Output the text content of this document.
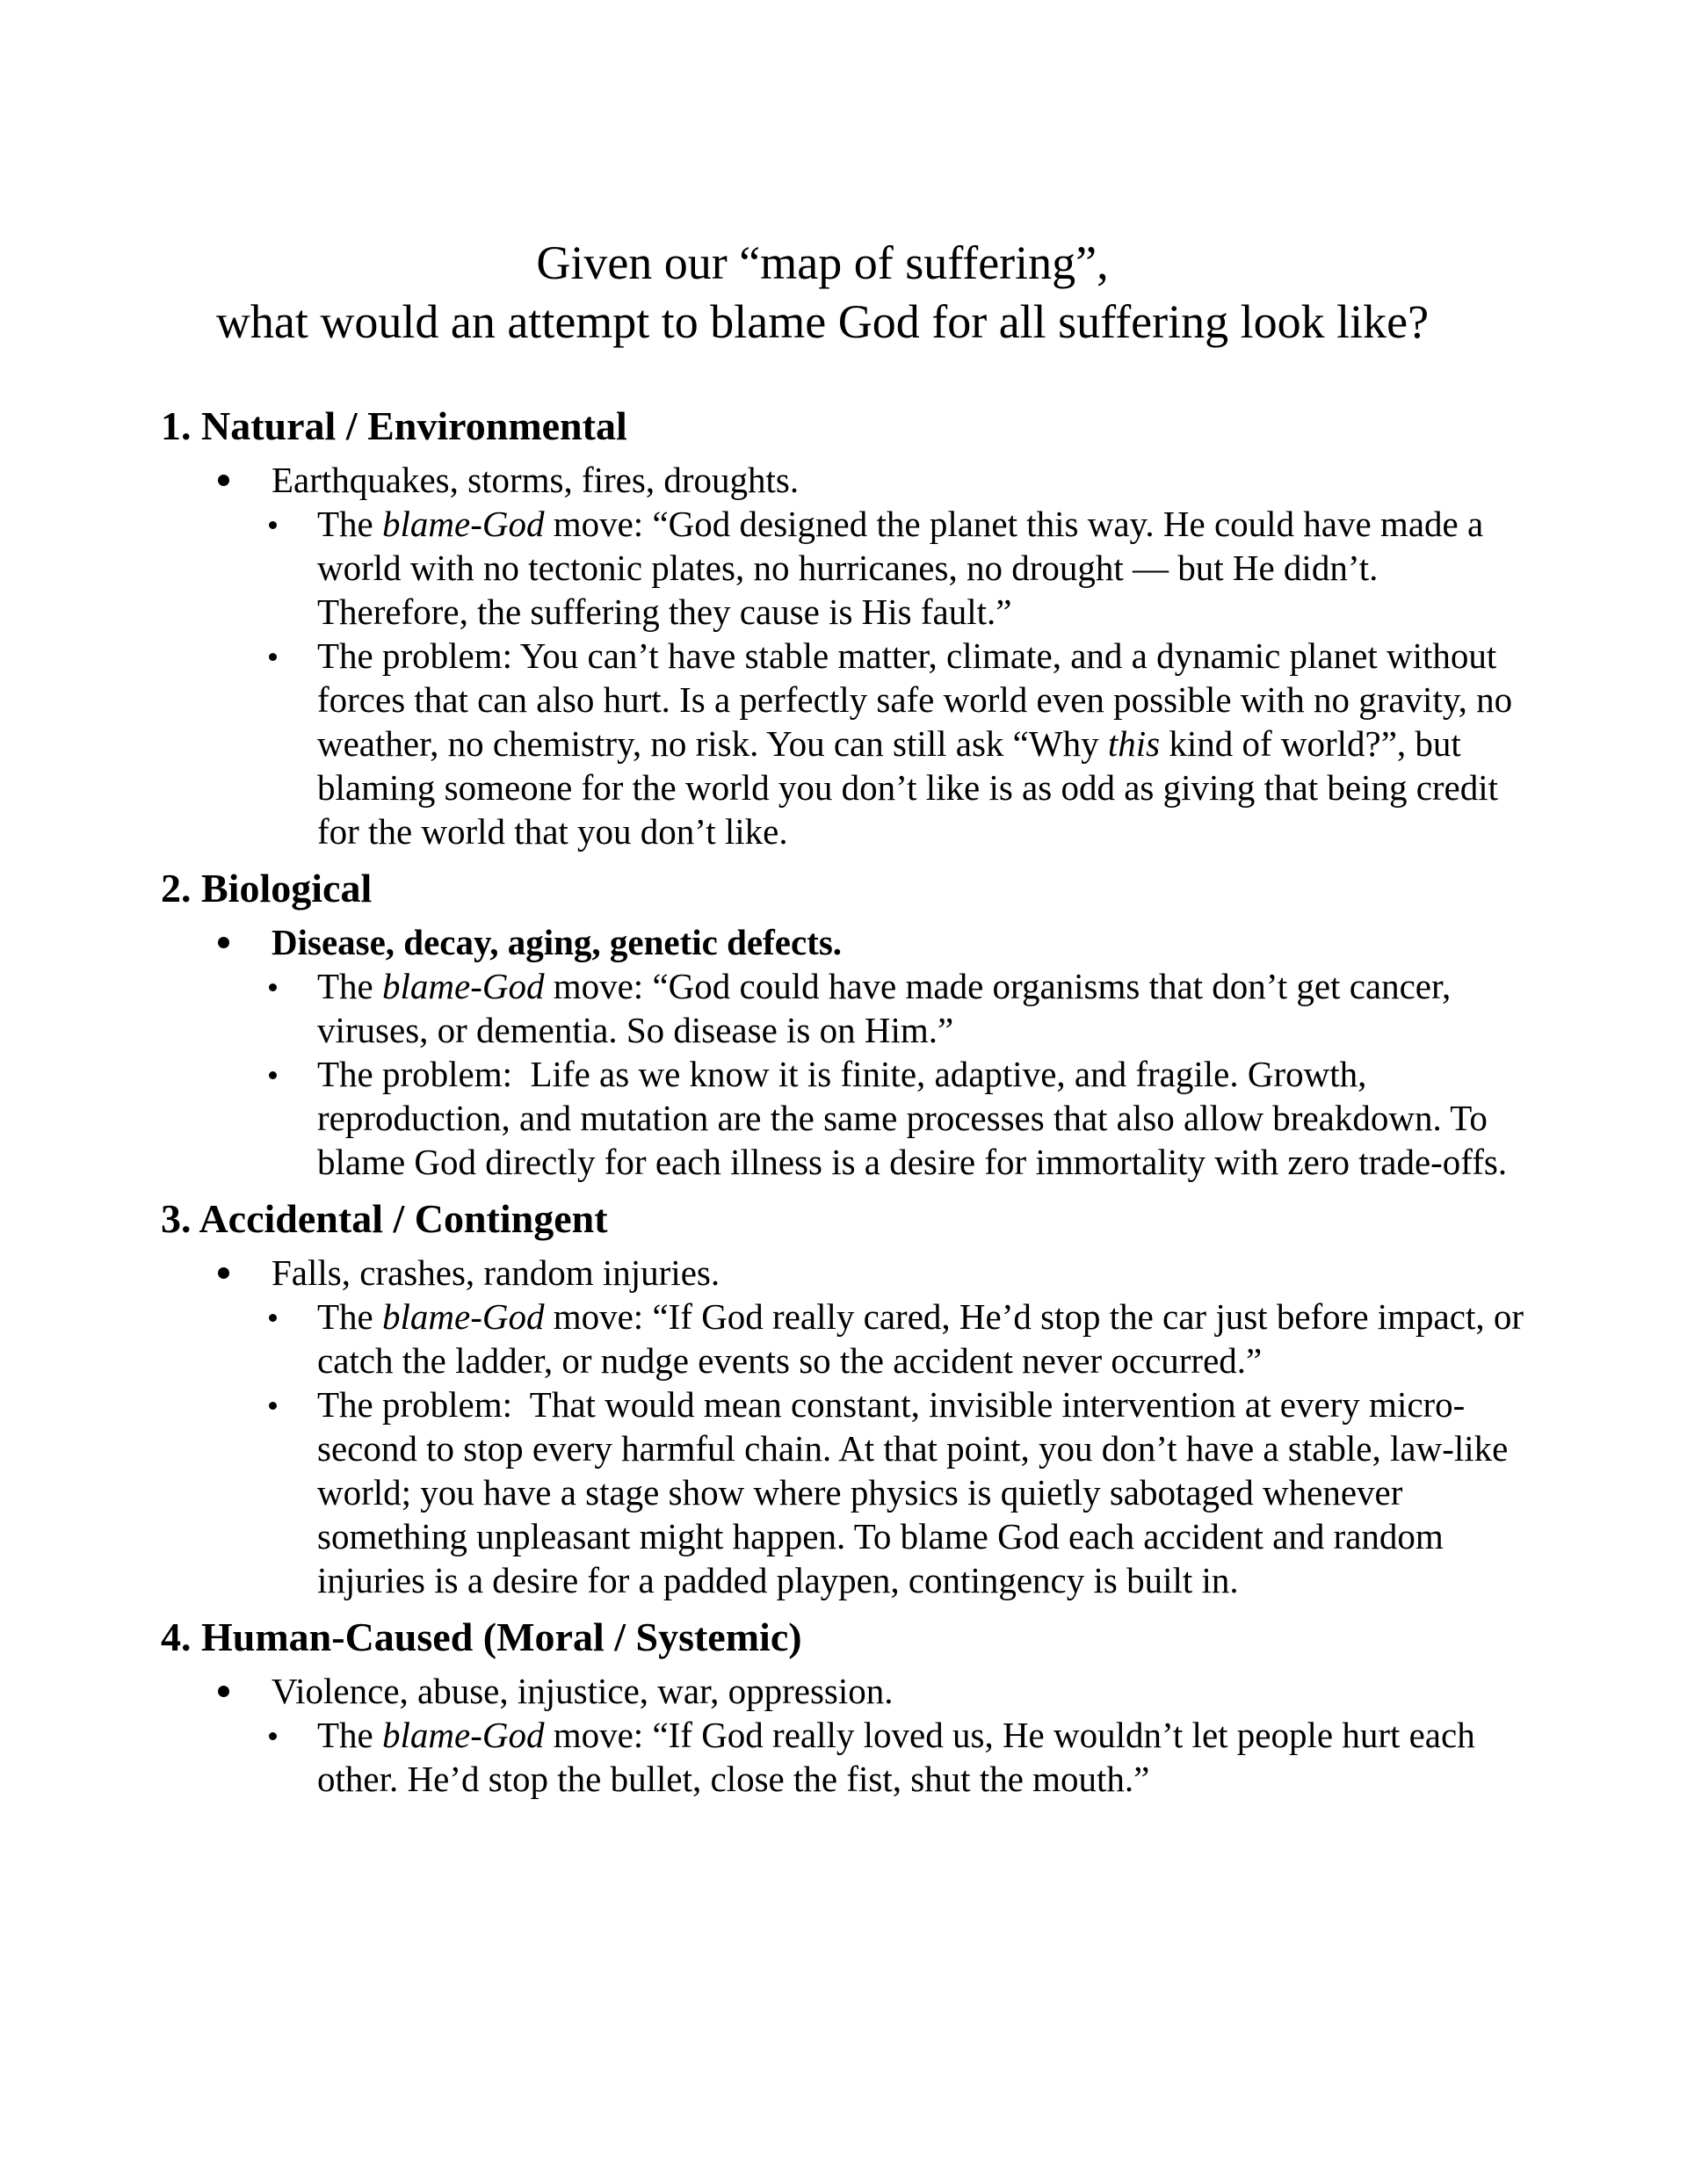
Given our “map of suffering”,
what would an attempt to blame God for all suffering look like?
1. Natural / Environmental
Earthquakes, storms, fires, droughts.
The blame-God move: “God designed the planet this way. He could have made a world with no tectonic plates, no hurricanes, no drought — but He didn’t. Therefore, the suffering they cause is His fault.”
The problem: You can’t have stable matter, climate, and a dynamic planet without forces that can also hurt. Is a perfectly safe world even possible with no gravity, no weather, no chemistry, no risk. You can still ask “Why this kind of world?”, but blaming someone for the world you don’t like is as odd as giving that being credit for the world that you don’t like.
2. Biological
Disease, decay, aging, genetic defects.
The blame-God move: “God could have made organisms that don’t get cancer, viruses, or dementia. So disease is on Him.”
The problem:  Life as we know it is finite, adaptive, and fragile. Growth, reproduction, and mutation are the same processes that also allow breakdown. To blame God directly for each illness is a desire for immortality with zero trade-offs.
3. Accidental / Contingent
Falls, crashes, random injuries.
The blame-God move: “If God really cared, He’d stop the car just before impact, or catch the ladder, or nudge events so the accident never occurred.”
The problem:  That would mean constant, invisible intervention at every micro-second to stop every harmful chain. At that point, you don’t have a stable, law-like world; you have a stage show where physics is quietly sabotaged whenever something unpleasant might happen. To blame God each accident and random injuries is a desire for a padded playpen, contingency is built in.
4. Human-Caused (Moral / Systemic)
Violence, abuse, injustice, war, oppression.
The blame-God move: “If God really loved us, He wouldn’t let people hurt each other. He’d stop the bullet, close the fist, shut the mouth.”
